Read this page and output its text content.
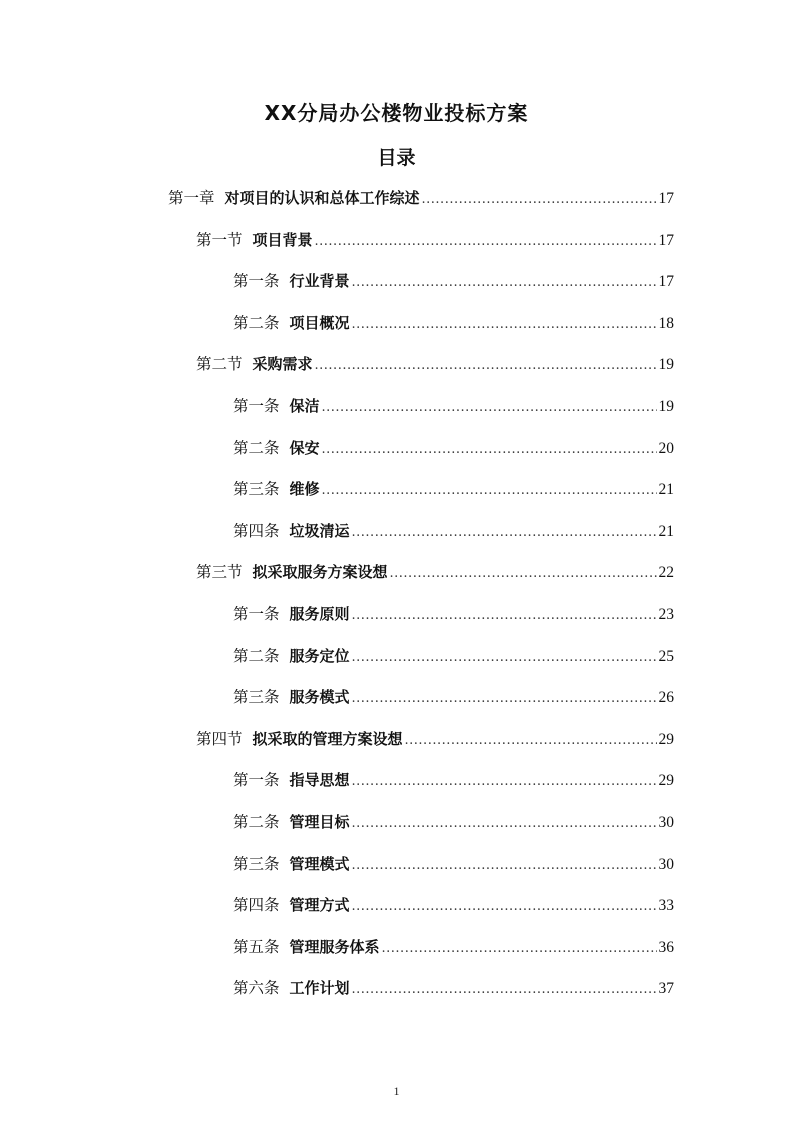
XX分局办公楼物业投标方案
目录
第一章 对项目的认识和总体工作综述 .....	17
第一节 项目背景 .....	17
第一条 行业背景 .....	17
第二条 项目概况 .....	18
第二节 采购需求 .....	19
第一条 保洁 .....	19
第二条 保安 .....	20
第三条 维修 .....	21
第四条 垃圾清运 .....	21
第三节 拟采取服务方案设想 .....	22
第一条 服务原则 .....	23
第二条 服务定位 .....	25
第三条 服务模式 .....	26
第四节 拟采取的管理方案设想 .....	29
第一条 指导思想 .....	29
第二条 管理目标 .....	30
第三条 管理模式 .....	30
第四条 管理方式 .....	33
第五条 管理服务体系 .....	36
第六条 工作计划 .....	37
1
